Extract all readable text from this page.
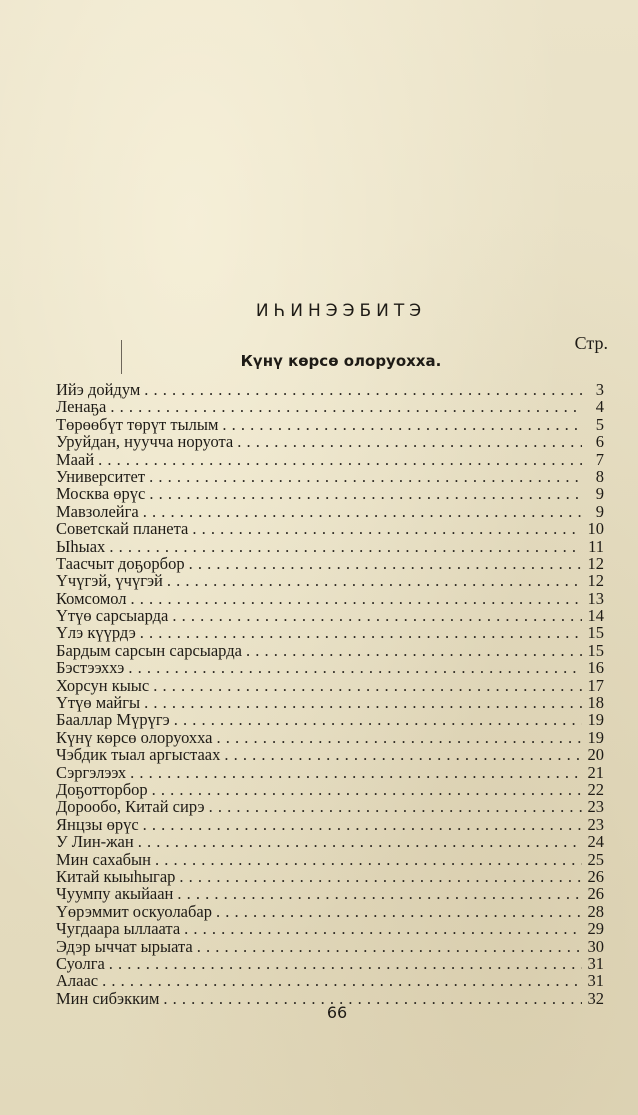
ИҺИНЭЭБИТЭ
Стр.
Күнү көрсө олоруохха.
Ийэ дойдум . . .	3
Ленаҕа . . .	4
Төрөөбүт төрүт тылым . . .	5
Уруйдан, нууччa норуота . . .	6
Маай . . .	7
Университет . . .	8
Москва өрүс . . .	9
Мавзолейга . . .	9
Советскай планета . . .	10
Ыhыах . . .	11
Таасчыт доҕорбор . . .	12
Үчүгэй, үчүгэй . . .	12
Комсомол . . .	13
Үтүө сарсыарда . . .	14
Үлэ күүрдэ . . .	15
Бардым сарсын сарсыарда . . .	15
Бэстээххэ . . .	16
Хорсун кыыс . . .	17
Үтүө майгы . . .	18
Бааллар Мүрүгэ . . .	19
Күнү көрсө олоруохха . . .	19
Чэбдик тыал аргыстаах . . .	20
Сэргэлээх . . .	21
Доҕотторбор . . .	22
Дорообо, Китай сирэ . . .	23
Янцзы өрүс . . .	23
У Лин-жан . . .	24
Мин сахабын . . .	25
Китай кыыhыгар . . .	26
Чуумпу акыйаан . . .	26
Үөрэммит оскуолабар . . .	28
Чугдаара ыллаата . . .	29
Эдэр ыччат ырыата . . .	30
Суолга . . .	31
Алаас . . .	31
Мин сибэкким . . .	32
66
